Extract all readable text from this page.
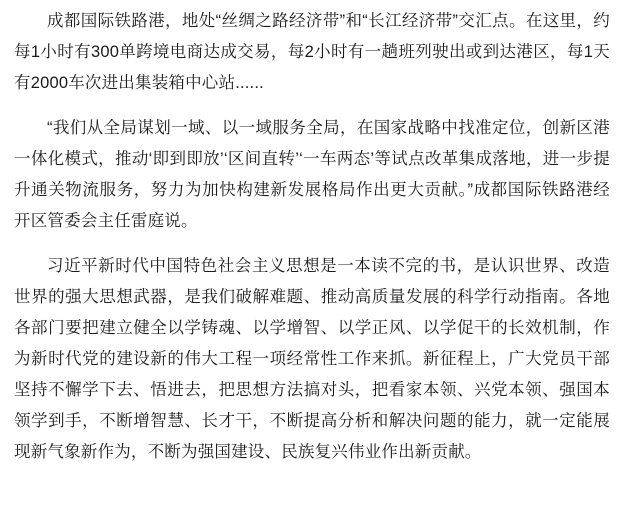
成都国际铁路港，地处“丝绸之路经济带”和“长江经济带”交汇点。在这里，约每1小时有300单跨境电商达成交易，每2小时有一趟班列驶出或到达港区，每1天有2000车次进出集装箱中心站......

“我们从全局谋划一域、以一域服务全局，在国家战略中找准定位，创新区港一体化模式，推动‘即到即放’‘区间直转’‘一车两态’等试点改革集成落地，进一步提升通关物流服务，努力为加快构建新发展格局作出更大贡献。”成都国际铁路港经开区管委会主任雷庭说。

习近平新时代中国特色社会主义思想是一本读不完的书，是认识世界、改造世界的强大思想武器，是我们破解难题、推动高质量发展的科学行动指南。各地各部门要把建立健全以学铸魂、以学增智、以学正风、以学促干的长效机制，作为新时代党的建设新的伟大工程一项经常性工作来抓。新征程上，广大党员干部坚持不懈学下去、悟进去，把思想方法搞对头，把看家本领、兴党本领、强国本领学到手，不断增智慧、长才干，不断提高分析和解决问题的能力，就一定能展现新气象新作为，不断为强国建设、民族复兴伟业作出新贡献。
